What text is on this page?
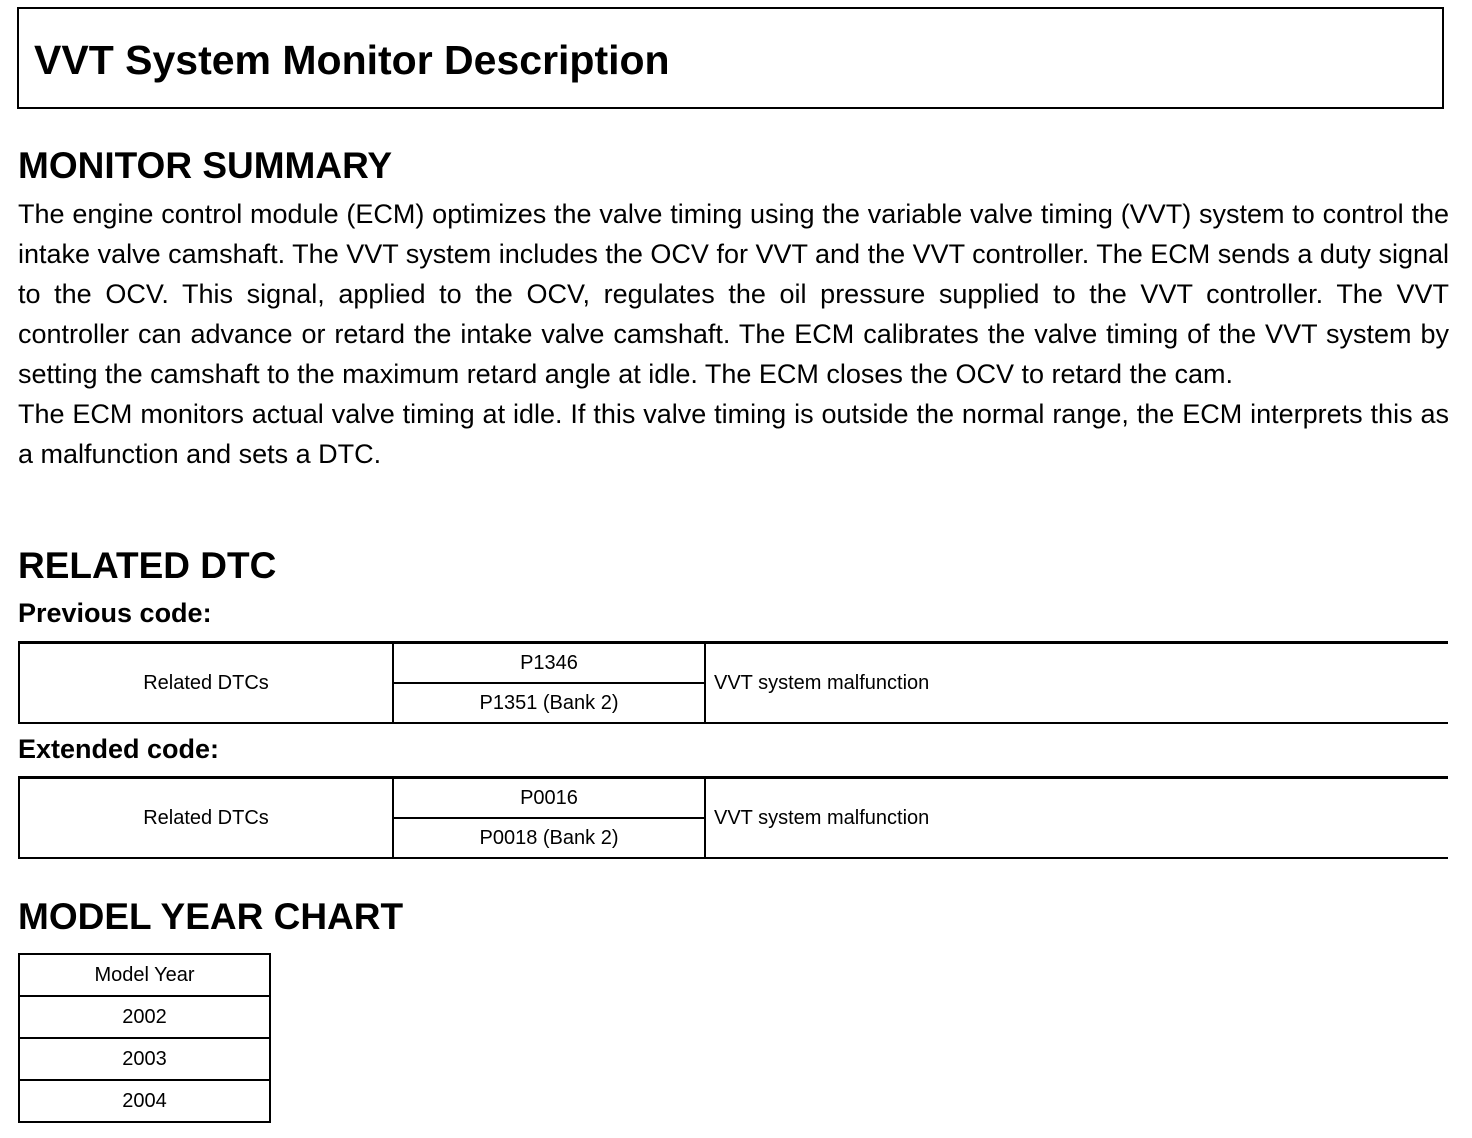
VVT System Monitor Description
MONITOR SUMMARY

The engine control module (ECM) optimizes the valve timing using the variable valve timing (VVT) system to control the intake valve camshaft. The VVT system includes the OCV for VVT and the VVT controller. The ECM sends a duty signal to the OCV. This signal, applied to the OCV, regulates the oil pressure supplied to the VVT controller. The VVT controller can advance or retard the intake valve camshaft. The ECM calibrates the valve timing of the VVT system by setting the camshaft to the maximum retard angle at idle. The ECM closes the OCV to retard the cam.

The ECM monitors actual valve timing at idle. If this valve timing is outside the normal range, the ECM interprets this as a malfunction and sets a DTC.

RELATED DTC
Previous code:
Related DTCs	P1346	VVT system malfunction
P1351 (Bank 2)
Extended code:
Related DTCs	P0016	VVT system malfunction
P0018 (Bank 2)
MODEL YEAR CHART
Model Year
2002
2003
2004
